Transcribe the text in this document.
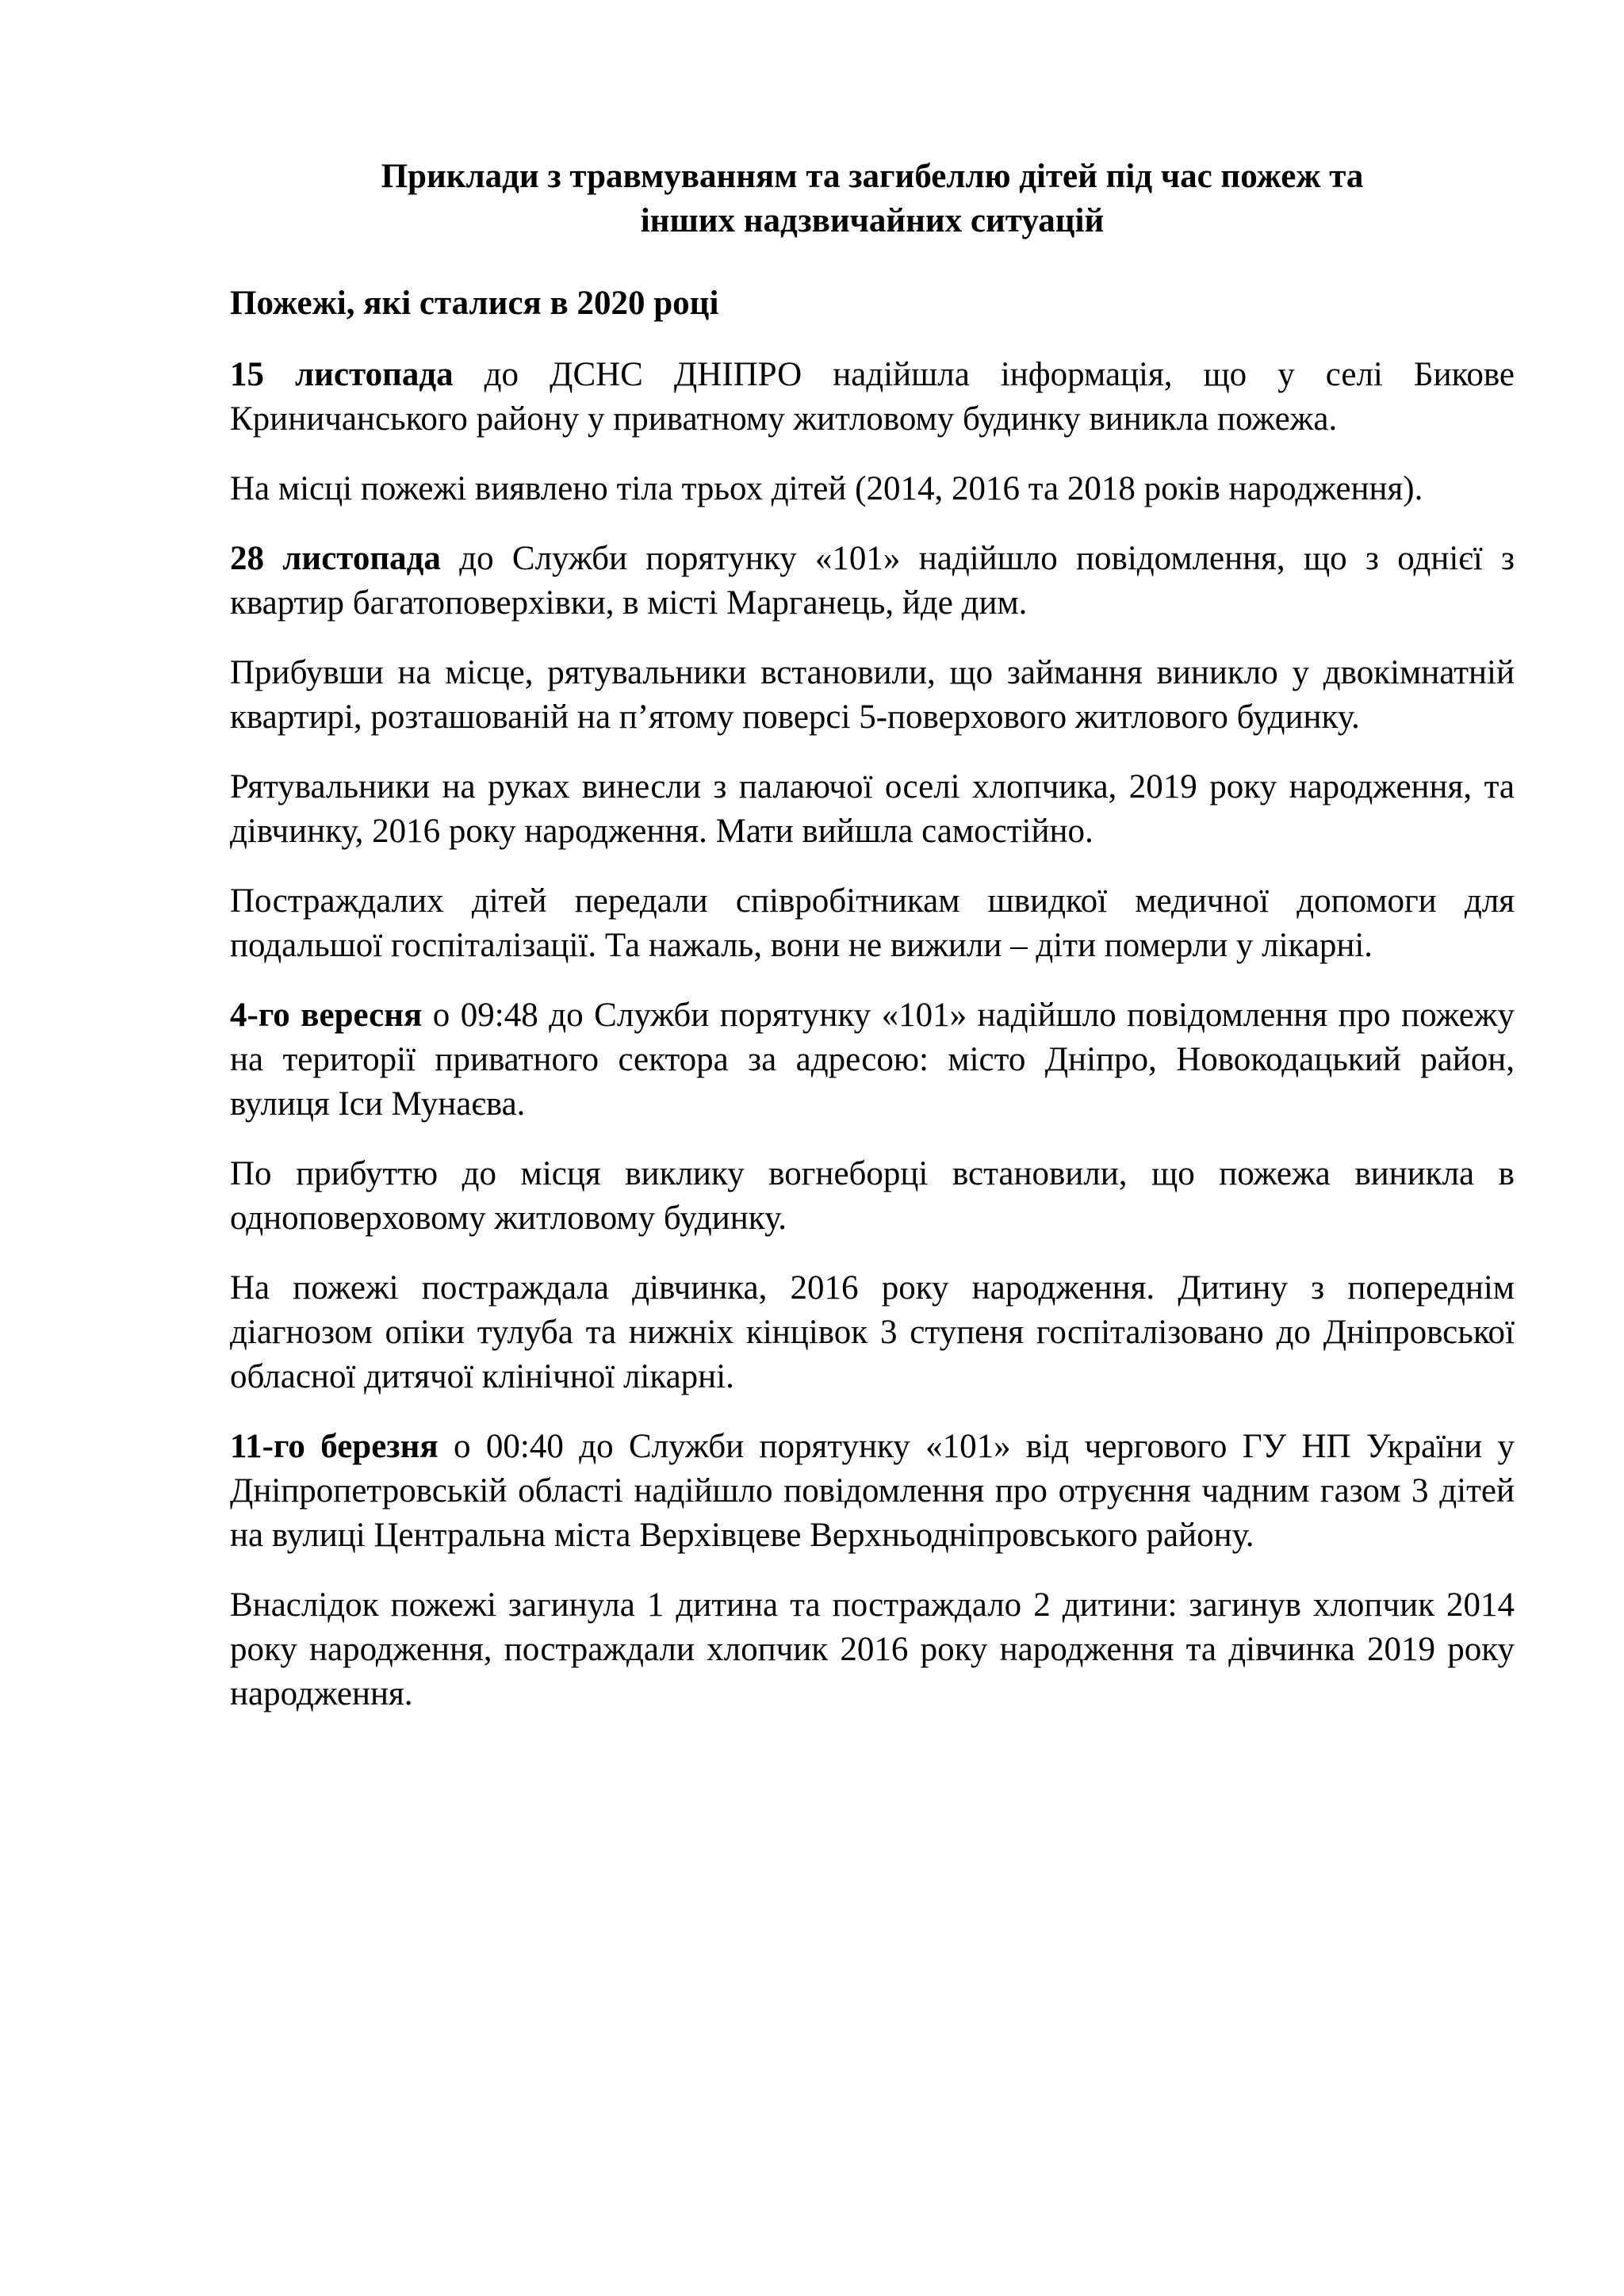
Приклади з травмуванням та загибеллю дітей під час пожеж та
інших надзвичайних ситуацій
Пожежі, які сталися в 2020 році

15 листопада до ДСНС ДНІПРО надійшла інформація, що у селі Бикове Криничанського району у приватному житловому будинку виникла пожежа.

На місці пожежі виявлено тіла трьох дітей (2014, 2016 та 2018 років народження).

28 листопада до Служби порятунку «101» надійшло повідомлення, що з однієї з квартир багатоповерхівки, в місті Марганець, йде дим.

Прибувши на місце, рятувальники встановили, що займання виникло у двокімнатній квартирі, розташованій на п’ятому поверсі 5-поверхового житлового будинку.

Рятувальники на руках винесли з палаючої оселі хлопчика, 2019 року народження, та дівчинку, 2016 року народження. Мати вийшла самостійно.

Постраждалих дітей передали співробітникам швидкої медичної допомоги для подальшої госпіталізації. Та нажаль, вони не вижили – діти померли у лікарні.

4-го вересня о 09:48 до Служби порятунку «101» надійшло повідомлення про пожежу на території приватного сектора за адресою: місто Дніпро, Новокодацький район, вулиця Іси Мунаєва.

По прибуттю до місця виклику вогнеборці встановили, що пожежа виникла в одноповерховому житловому будинку.

На пожежі постраждала дівчинка, 2016 року народження. Дитину з попереднім діагнозом опіки тулуба та нижніх кінцівок 3 ступеня госпіталізовано до Дніпровської обласної дитячої клінічної лікарні.

11-го березня о 00:40 до Служби порятунку «101» від чергового ГУ НП України у Дніпропетровській області надійшло повідомлення про отруєння чадним газом 3 дітей на вулиці Центральна міста Верхівцеве Верхньодніпровського району.

Внаслідок пожежі загинула 1 дитина та постраждало 2 дитини: загинув хлопчик 2014 року народження, постраждали хлопчик 2016 року народження та дівчинка 2019 року народження.
